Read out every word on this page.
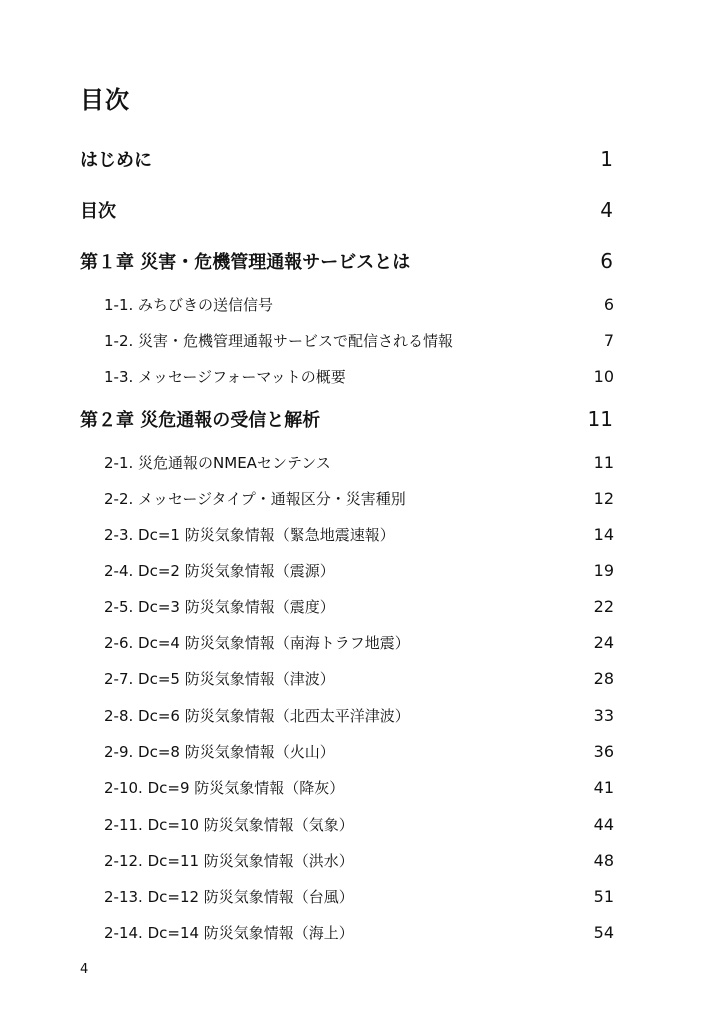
目次
はじめに	1
目次	4
第１章 災害・危機管理通報サービスとは	6
1-1. みちびきの送信信号	6
1-2. 災害・危機管理通報サービスで配信される情報	7
1-3. メッセージフォーマットの概要	10
第２章 災危通報の受信と解析	11
2-1. 災危通報のNMEAセンテンス	11
2-2. メッセージタイプ・通報区分・災害種別	12
2-3. Dc=1 防災気象情報（緊急地震速報）	14
2-4. Dc=2 防災気象情報（震源）	19
2-5. Dc=3 防災気象情報（震度）	22
2-6. Dc=4 防災気象情報（南海トラフ地震）	24
2-7. Dc=5 防災気象情報（津波）	28
2-8. Dc=6 防災気象情報（北西太平洋津波）	33
2-9. Dc=8 防災気象情報（火山）	36
2-10. Dc=9 防災気象情報（降灰）	41
2-11. Dc=10 防災気象情報（気象）	44
2-12. Dc=11 防災気象情報（洪水）	48
2-13. Dc=12 防災気象情報（台風）	51
2-14. Dc=14 防災気象情報（海上）	54
4
